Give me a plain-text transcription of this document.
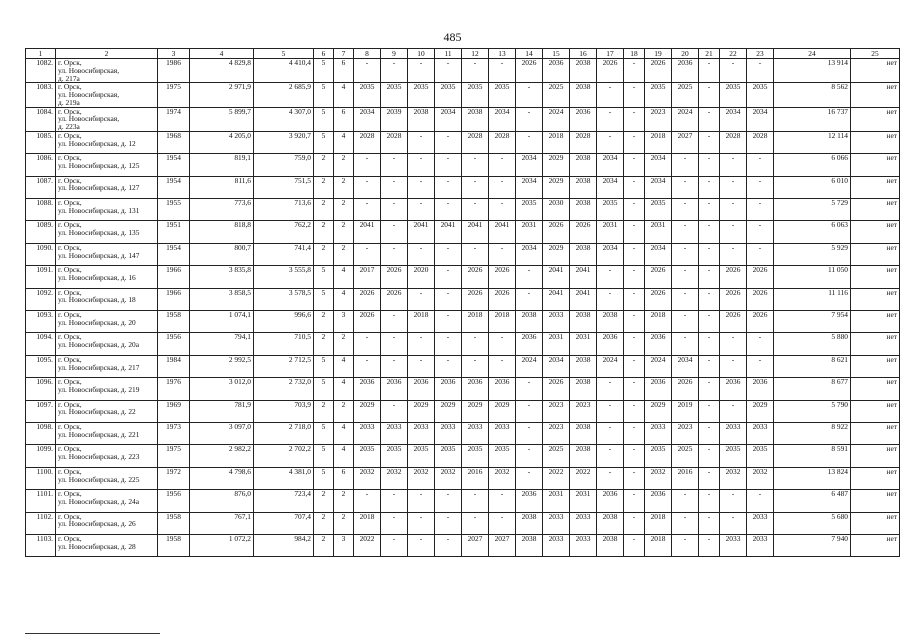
485
1	2	3	4	5	6	7	8	9	10	11	12	13	14	15	16	17	18	19	20	21	22	23	24	25
1082.	г. Орск,
ул. Новосибирская,
д. 217а	1986	4 829,8	4 410,4	5	6	-	-	-	-	-	-	2026	2036	2038	2026	-	2026	2036	-	-	-	13 914	нет
1083.	г. Орск,
ул. Новосибирская,
д. 219а	1975	2 971,9	2 685,9	5	4	2035	2035	2035	2035	2035	2035	-	2025	2038	-	-	2035	2025	-	2035	2035	8 562	нет
1084.	г. Орск,
ул. Новосибирская,
д. 223а	1974	5 899,7	4 307,0	5	6	2034	2039	2038	2034	2038	2034	-	2024	2036	-	-	2023	2024	-	2034	2034	16 737	нет
1085.	г. Орск,
ул. Новосибирская, д. 12	1968	4 205,0	3 920,7	5	4	2028	2028	-	-	2028	2028	-	2018	2028	-	-	2018	2027	-	2028	2028	12 114	нет
1086.	г. Орск,
ул. Новосибирская, д. 125	1954	819,1	759,0	2	2	-	-	-	-	-	-	2034	2029	2038	2034	-	2034	-	-	-	-	6 066	нет
1087.	г. Орск,
ул. Новосибирская, д. 127	1954	811,6	751,5	2	2	-	-	-	-	-	-	2034	2029	2038	2034	-	2034	-	-	-	-	6 010	нет
1088.	г. Орск,
ул. Новосибирская, д. 131	1955	773,6	713,6	2	2	-	-	-	-	-	-	2035	2030	2038	2035	-	2035	-	-	-	-	5 729	нет
1089.	г. Орск,
ул. Новосибирская, д. 135	1951	818,8	762,2	2	2	2041	-	2041	2041	2041	2041	2031	2026	2026	2031	-	2031	-	-	-	-	6 063	нет
1090.	г. Орск,
ул. Новосибирская, д. 147	1954	800,7	741,4	2	2	-	-	-	-	-	-	2034	2029	2038	2034	-	2034	-	-	-	-	5 929	нет
1091.	г. Орск,
ул. Новосибирская, д. 16	1966	3 835,8	3 555,8	5	4	2017	2026	2020	-	2026	2026	-	2041	2041	-	-	2026	-	-	2026	2026	11 050	нет
1092.	г. Орск,
ул. Новосибирская, д. 18	1966	3 858,5	3 578,5	5	4	2026	2026	-	-	2026	2026	-	2041	2041	-	-	2026	-	-	2026	2026	11 116	нет
1093.	г. Орск,
ул. Новосибирская, д. 20	1958	1 074,1	996,6	2	3	2026	-	2018	-	2018	2018	2038	2033	2038	2038	-	2018	-	-	2026	2026	7 954	нет
1094.	г. Орск,
ул. Новосибирская, д. 20а	1956	794,1	710,5	2	2	-	-	-	-	-	-	2036	2031	2031	2036	-	2036	-	-	-	-	5 880	нет
1095.	г. Орск,
ул. Новосибирская, д. 217	1984	2 992,5	2 712,5	5	4	-	-	-	-	-	-	2024	2034	2038	2024	-	2024	2034	-	-	-	8 621	нет
1096.	г. Орск,
ул. Новосибирская, д. 219	1976	3 012,0	2 732,0	5	4	2036	2036	2036	2036	2036	2036	-	2026	2038	-	-	2036	2026	-	2036	2036	8 677	нет
1097.	г. Орск,
ул. Новосибирская, д. 22	1969	781,9	703,9	2	2	2029	-	2029	2029	2029	2029	-	2023	2023	-	-	2029	2019	-	-	2029	5 790	нет
1098.	г. Орск,
ул. Новосибирская, д. 221	1973	3 097,0	2 718,0	5	4	2033	2033	2033	2033	2033	2033	-	2023	2038	-	-	2033	2023	-	2033	2033	8 922	нет
1099.	г. Орск,
ул. Новосибирская, д. 223	1975	2 982,2	2 702,2	5	4	2035	2035	2035	2035	2035	2035	-	2025	2038	-	-	2035	2025	-	2035	2035	8 591	нет
1100.	г. Орск,
ул. Новосибирская, д. 225	1972	4 798,6	4 381,0	5	6	2032	2032	2032	2032	2016	2032	-	2022	2022	-	-	2032	2016	-	2032	2032	13 824	нет
1101.	г. Орск,
ул. Новосибирская, д. 24а	1956	876,0	723,4	2	2	-	-	-	-	-	-	2036	2031	2031	2036	-	2036	-	-	-	-	6 487	нет
1102.	г. Орск,
ул. Новосибирская, д. 26	1958	767,1	707,4	2	2	2018	-	-	-	-	-	2038	2033	2033	2038	-	2018	-	-	-	2033	5 680	нет
1103.	г. Орск,
ул. Новосибирская, д. 28	1958	1 072,2	984,2	2	3	2022	-	-	-	2027	2027	2038	2033	2033	2038	-	2018	-	-	2033	2033	7 940	нет
